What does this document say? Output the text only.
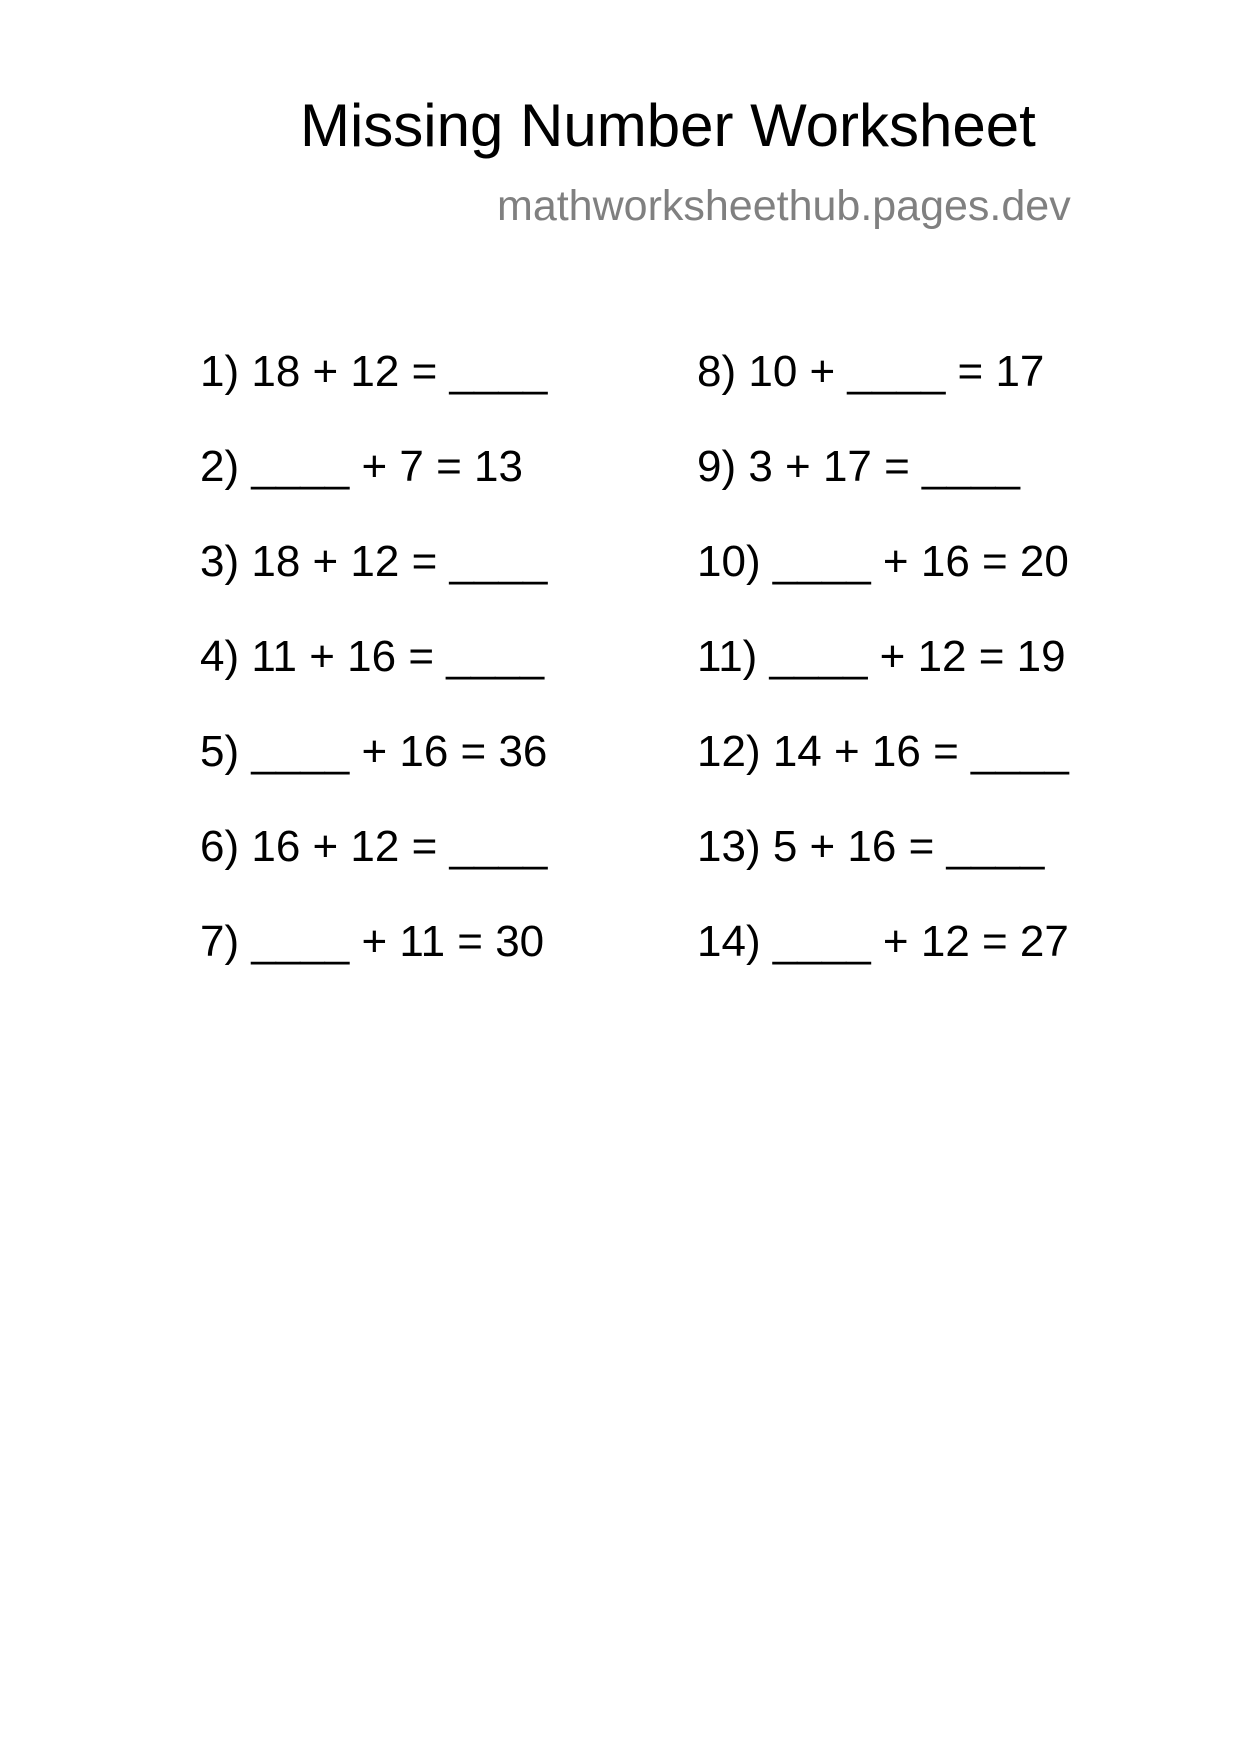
Missing Number Worksheet
mathworksheethub.pages.dev
1) 18 + 12 = ____
2) ____ + 7 = 13
3) 18 + 12 = ____
4) 11 + 16 = ____
5) ____ + 16 = 36
6) 16 + 12 = ____
7) ____ + 11 = 30
8) 10 + ____ = 17
9) 3 + 17 = ____
10) ____ + 16 = 20
11) ____ + 12 = 19
12) 14 + 16 = ____
13) 5 + 16 = ____
14) ____ + 12 = 27
